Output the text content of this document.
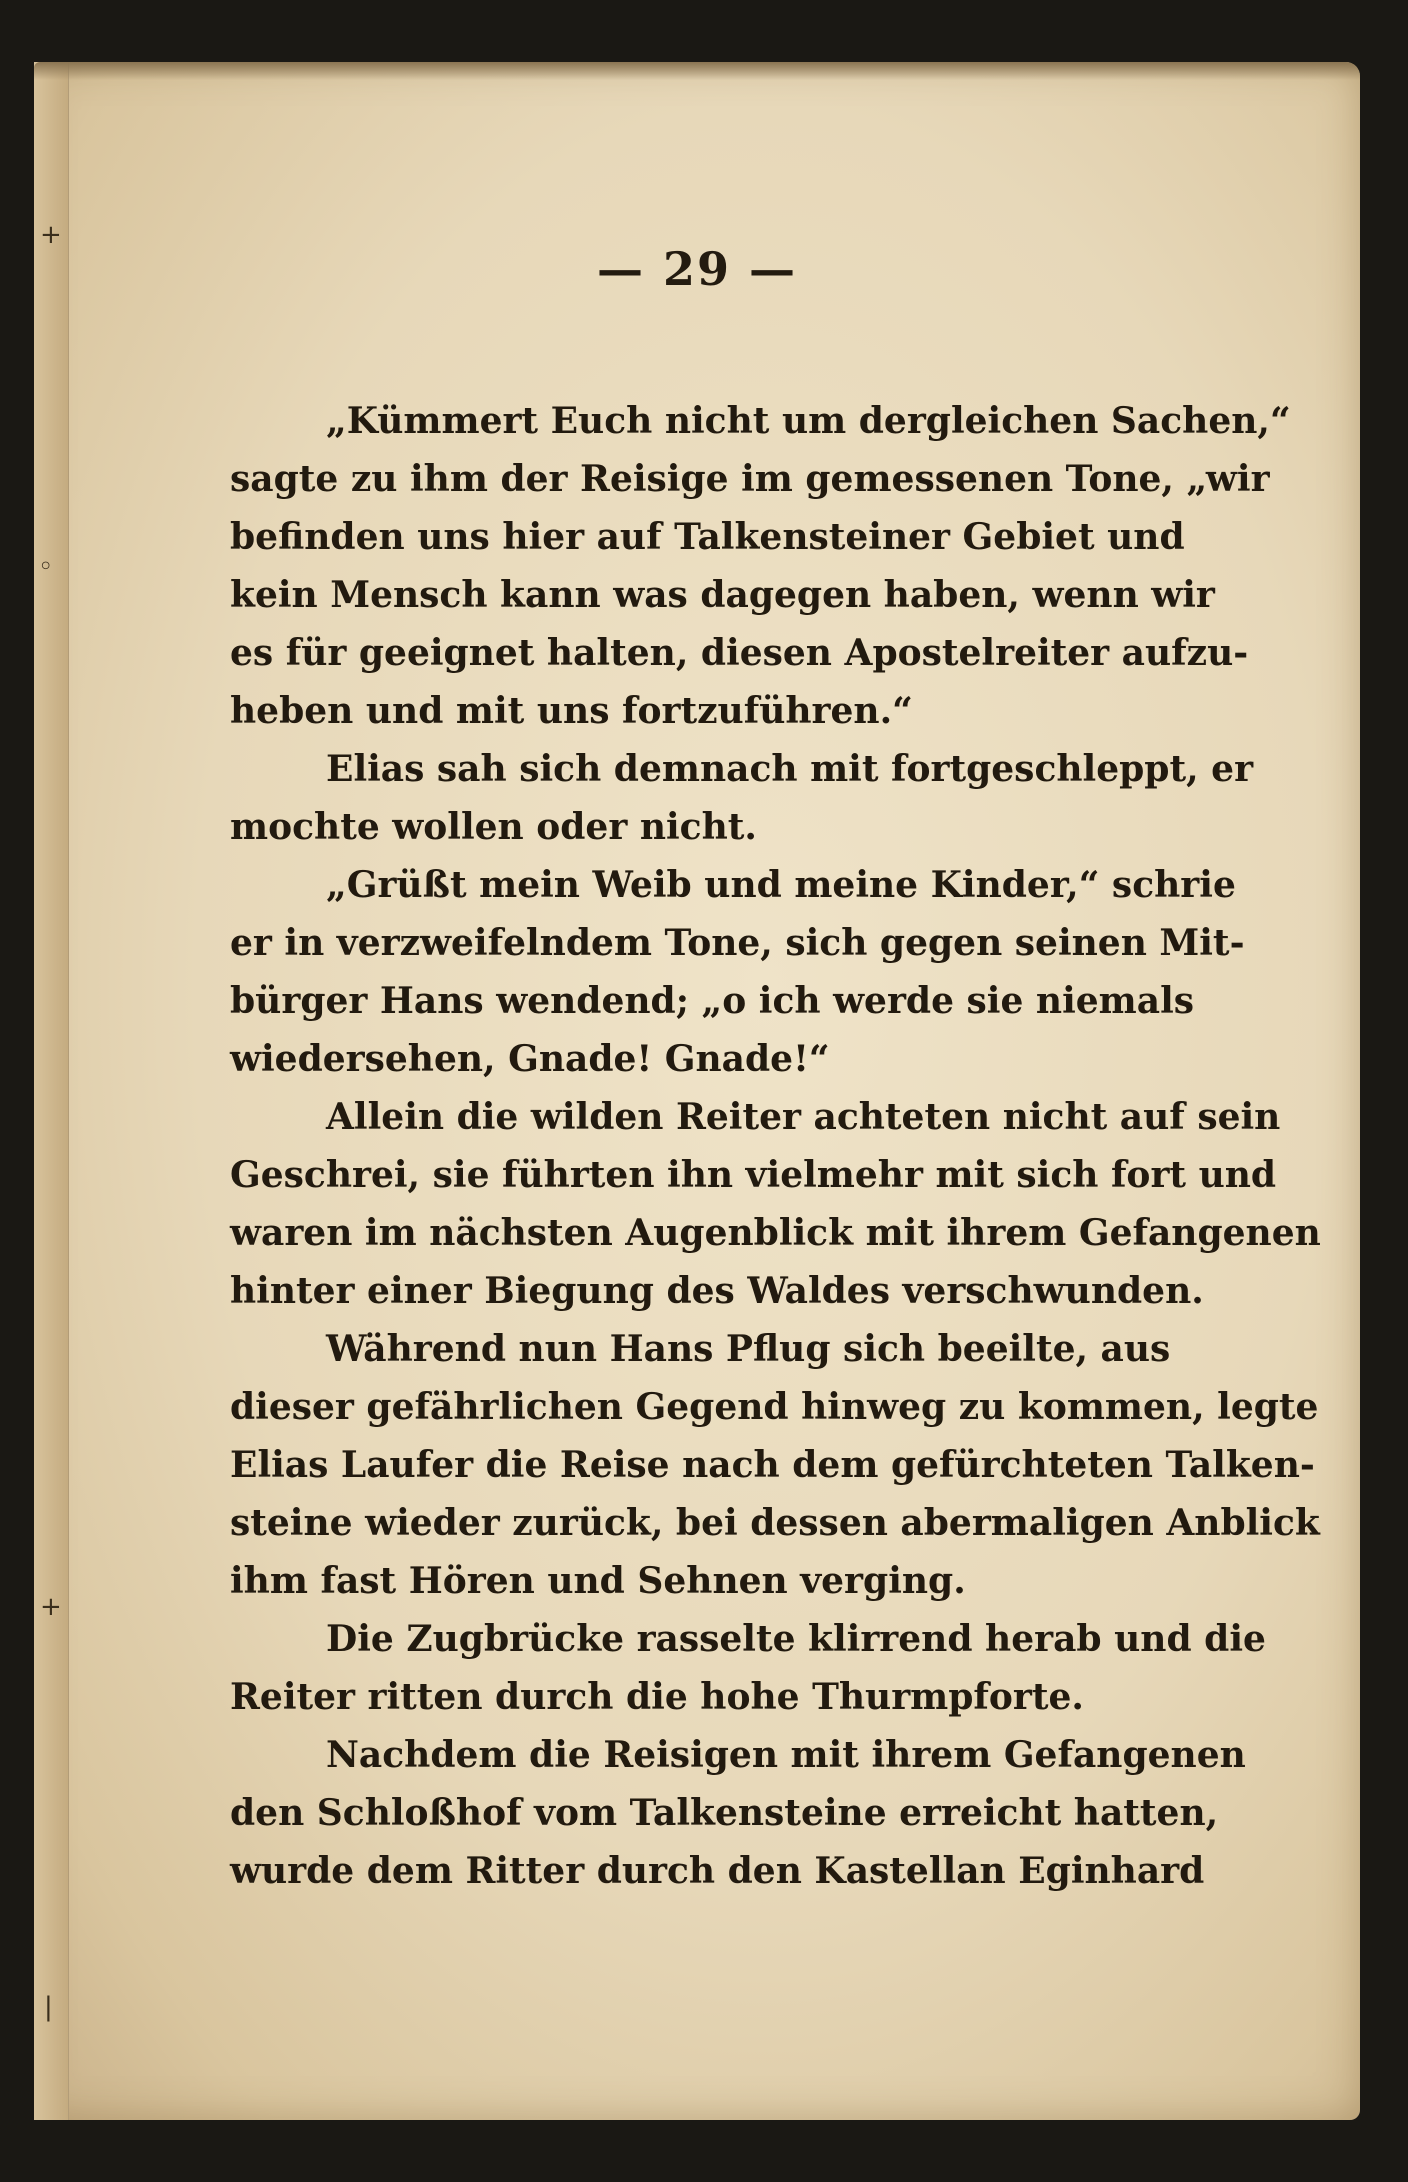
+
◦
+
|
— 29 —
„Kümmert Euch nicht um dergleichen Sachen,“
sagte zu ihm der Reisige im gemessenen Tone, „wir
befinden uns hier auf Talkensteiner Gebiet und
kein Mensch kann was dagegen haben, wenn wir
es für geeignet halten, diesen Apostelreiter aufzu-
heben und mit uns fortzuführen.“
Elias sah sich demnach mit fortgeschleppt, er
mochte wollen oder nicht.
„Grüßt mein Weib und meine Kinder,“ schrie
er in verzweifelndem Tone, sich gegen seinen Mit-
bürger Hans wendend; „o ich werde sie niemals
wiedersehen, Gnade! Gnade!“
Allein die wilden Reiter achteten nicht auf sein
Geschrei, sie führten ihn vielmehr mit sich fort und
waren im nächsten Augenblick mit ihrem Gefangenen
hinter einer Biegung des Waldes verschwunden.
Während nun Hans Pflug sich beeilte, aus
dieser gefährlichen Gegend hinweg zu kommen, legte
Elias Laufer die Reise nach dem gefürchteten Talken-
steine wieder zurück, bei dessen abermaligen Anblick
ihm fast Hören und Sehnen verging.
Die Zugbrücke rasselte klirrend herab und die
Reiter ritten durch die hohe Thurmpforte.
Nachdem die Reisigen mit ihrem Gefangenen
den Schloßhof vom Talkensteine erreicht hatten,
wurde dem Ritter durch den Kastellan Eginhard
